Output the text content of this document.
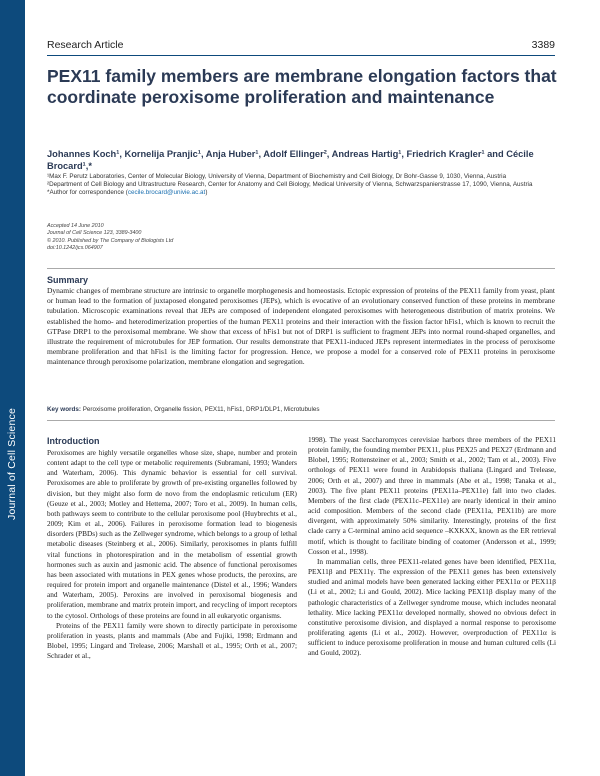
Journal of Cell Science
Research Article	3389
PEX11 family members are membrane elongation factors that coordinate peroxisome proliferation and maintenance
Johannes Koch¹, Kornelija Pranjic¹, Anja Huber¹, Adolf Ellinger², Andreas Hartig¹, Friedrich Kragler¹ and Cécile Brocard¹,*

¹Max F. Perutz Laboratories, Center of Molecular Biology, University of Vienna, Department of Biochemistry and Cell Biology, Dr Bohr-Gasse 9, 1030, Vienna, Austria

²Department of Cell Biology and Ultrastructure Research, Center for Anatomy and Cell Biology, Medical University of Vienna, Schwarzspanierstrasse 17, 1090, Vienna, Austria

*Author for correspondence (cecile.brocard@univie.ac.at)

Accepted 14 June 2010

Journal of Cell Science 123, 3389-3400

© 2010. Published by The Company of Biologists Ltd

doi:10.1242/jcs.064907

Summary

Dynamic changes of membrane structure are intrinsic to organelle morphogenesis and homeostasis. Ectopic expression of proteins of the PEX11 family from yeast, plant or human lead to the formation of juxtaposed elongated peroxisomes (JEPs), which is evocative of an evolutionary conserved function of these proteins in membrane tubulation. Microscopic examinations reveal that JEPs are composed of independent elongated peroxisomes with heterogeneous distribution of matrix proteins. We established the homo- and heterodimerization properties of the human PEX11 proteins and their interaction with the fission factor hFis1, which is known to recruit the GTPase DRP1 to the peroxisomal membrane. We show that excess of hFis1 but not of DRP1 is sufficient to fragment JEPs into normal round-shaped organelles, and illustrate the requirement of microtubules for JEP formation. Our results demonstrate that PEX11-induced JEPs represent intermediates in the process of peroxisome membrane proliferation and that hFis1 is the limiting factor for progression. Hence, we propose a model for a conserved role of PEX11 proteins in peroxisome maintenance through peroxisome polarization, membrane elongation and segregation.

Key words: Peroxisome proliferation, Organelle fission, PEX11, hFis1, DRP1/DLP1, Microtubules
Introduction

Peroxisomes are highly versatile organelles whose size, shape, number and protein content adapt to the cell type or metabolic requirements (Subramani, 1993; Wanders and Waterham, 2006). This dynamic behavior is essential for cell survival. Peroxisomes are able to proliferate by growth of pre-existing organelles followed by division, but they might also form de novo from the endoplasmic reticulum (ER) (Geuze et al., 2003; Motley and Hettema, 2007; Toro et al., 2009). In human cells, both pathways seem to contribute to the cellular peroxisome pool (Huybrechts et al., 2009; Kim et al., 2006). Failures in peroxisome formation lead to biogenesis disorders (PBDs) such as the Zellweger syndrome, which belongs to a group of lethal metabolic diseases (Steinberg et al., 2006). Similarly, peroxisomes in plants fulfill vital functions in photorespiration and in the metabolism of essential growth hormones such as auxin and jasmonic acid. The absence of functional peroxisomes has been associated with mutations in PEX genes whose products, the peroxins, are required for protein import and organelle maintenance (Distel et al., 1996; Wanders and Waterham, 2005). Peroxins are involved in peroxisomal biogenesis and proliferation, membrane and matrix protein import, and recycling of import receptors to the cytosol. Orthologs of these proteins are found in all eukaryotic organisms.

Proteins of the PEX11 family were shown to directly participate in peroxisome proliferation in yeasts, plants and mammals (Abe and Fujiki, 1998; Erdmann and Blobel, 1995; Lingard and Trelease, 2006; Marshall et al., 1995; Orth et al., 2007; Schrader et al.,

1998). The yeast Saccharomyces cerevisiae harbors three members of the PEX11 protein family, the founding member PEX11, plus PEX25 and PEX27 (Erdmann and Blobel, 1995; Rottensteiner et al., 2003; Smith et al., 2002; Tam et al., 2003). Five orthologs of PEX11 were found in Arabidopsis thaliana (Lingard and Trelease, 2006; Orth et al., 2007) and three in mammals (Abe et al., 1998; Tanaka et al., 2003). The five plant PEX11 proteins (PEX11a–PEX11e) fall into two clades. Members of the first clade (PEX11c–PEX11e) are nearly identical in their amino acid composition. Members of the second clade (PEX11a, PEX11b) are more divergent, with approximately 50% similarity. Interestingly, proteins of the first clade carry a C-terminal amino acid sequence –KXKXX, known as the ER retrieval motif, which is thought to facilitate binding of coatomer (Andersson et al., 1999; Cosson et al., 1998).

In mammalian cells, three PEX11-related genes have been identified, PEX11α, PEX11β and PEX11γ. The expression of the PEX11 genes has been extensively studied and animal models have been generated lacking either PEX11α or PEX11β (Li et al., 2002; Li and Gould, 2002). Mice lacking PEX11β display many of the pathologic characteristics of a Zellweger syndrome mouse, which includes neonatal lethality. Mice lacking PEX11α developed normally, showed no obvious defect in constitutive peroxisome division, and displayed a normal response to peroxisome proliferating agents (Li et al., 2002). However, overproduction of PEX11α is sufficient to induce peroxisome proliferation in mouse and human cultured cells (Li and Gould, 2002).
